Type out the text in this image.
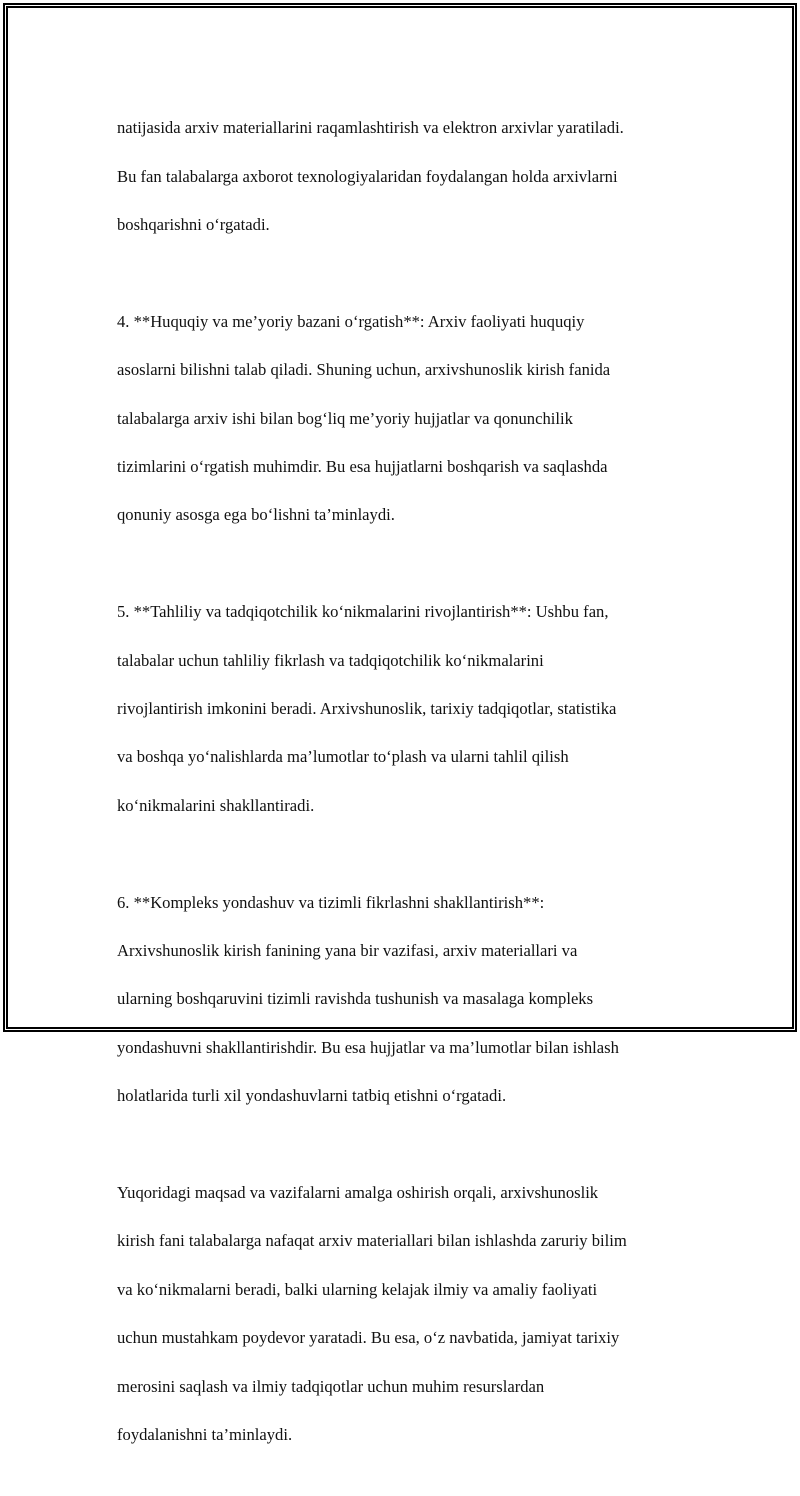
natijasida arxiv materiallarini raqamlashtirish va elektron arxivlar yaratiladi.

Bu fan talabalarga axborot texnologiyalaridan foydalangan holda arxivlarni

boshqarishni o‘rgatadi.

4. **Huquqiy va me’yoriy bazani o‘rgatish**: Arxiv faoliyati huquqiy

asoslarni bilishni talab qiladi. Shuning uchun, arxivshunoslik kirish fanida

talabalarga arxiv ishi bilan bog‘liq me’yoriy hujjatlar va qonunchilik

tizimlarini o‘rgatish muhimdir. Bu esa hujjatlarni boshqarish va saqlashda

qonuniy asosga ega bo‘lishni ta’minlaydi.

5. **Tahliliy va tadqiqotchilik ko‘nikmalarini rivojlantirish**: Ushbu fan,

talabalar uchun tahliliy fikrlash va tadqiqotchilik ko‘nikmalarini

rivojlantirish imkonini beradi. Arxivshunoslik, tarixiy tadqiqotlar, statistika

va boshqa yo‘nalishlarda ma’lumotlar to‘plash va ularni tahlil qilish

ko‘nikmalarini shakllantiradi.

6. **Kompleks yondashuv va tizimli fikrlashni shakllantirish**:

Arxivshunoslik kirish fanining yana bir vazifasi, arxiv materiallari va

ularning boshqaruvini tizimli ravishda tushunish va masalaga kompleks

yondashuvni shakllantirishdir. Bu esa hujjatlar va ma’lumotlar bilan ishlash

holatlarida turli xil yondashuvlarni tatbiq etishni o‘rgatadi.

Yuqoridagi maqsad va vazifalarni amalga oshirish orqali, arxivshunoslik

kirish fani talabalarga nafaqat arxiv materiallari bilan ishlashda zaruriy bilim

va ko‘nikmalarni beradi, balki ularning kelajak ilmiy va amaliy faoliyati

uchun mustahkam poydevor yaratadi. Bu esa, o‘z navbatida, jamiyat tarixiy

merosini saqlash va ilmiy tadqiqotlar uchun muhim resurslardan

foydalanishni ta’minlaydi.
